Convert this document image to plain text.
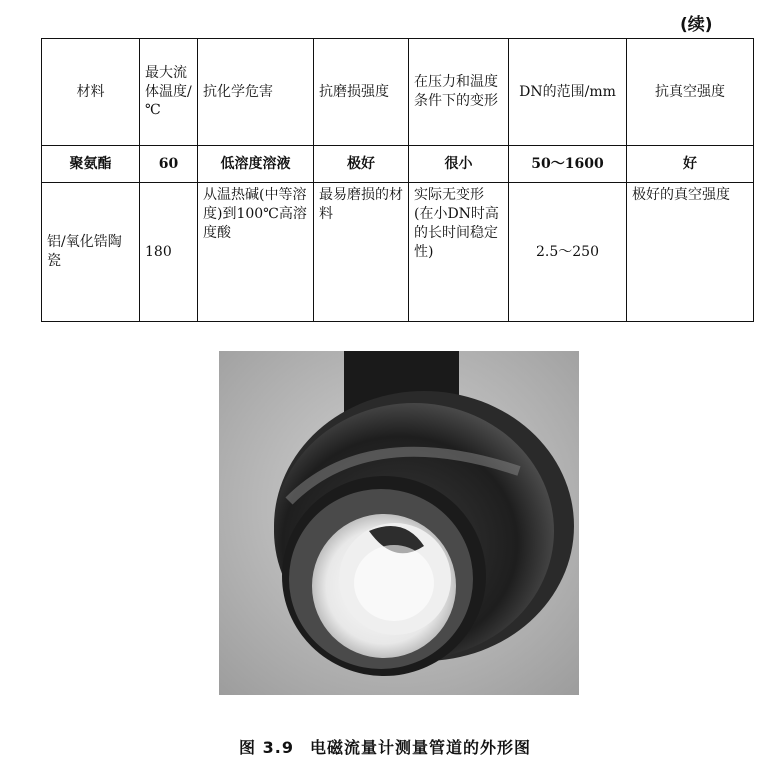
(续)
材料	最大流体温度/℃	抗化学危害	抗磨损强度	在压力和温度条件下的变形	DN的范围/mm	抗真空强度
聚氨酯	60	低溶度溶液	极好	很小	50～1600	好
铝/氧化锆陶瓷	180	从温热碱(中等溶度)到100℃高溶度酸	最易磨损的材料	实际无变形(在小DN时高的长时间稳定性)	2.5～250	极好的真空强度
图 3.9 电磁流量计测量管道的外形图
